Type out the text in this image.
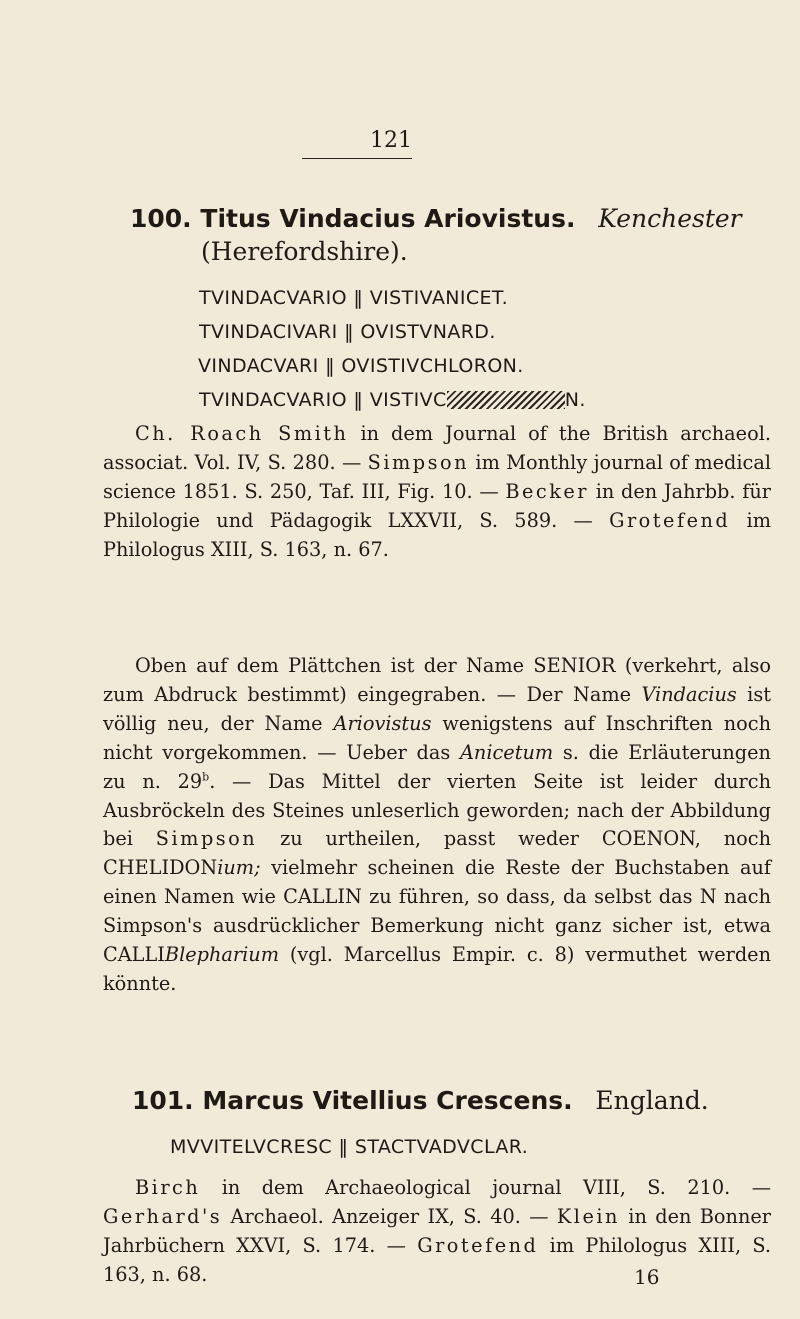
121
100. Titus Vindacius Ariovistus. Kenchester
(Herefordshire).
TVINDACVARIO ‖ VISTIVANICET.
TVINDACIVARI ‖ OVISTVNARD.
VINDACVARI ‖ OVISTIVCHLORON.
TVINDACVARIO ‖ VISTIVC	N.
Ch. Roach Smith in dem Journal of the British archaeol. associat. Vol. IV, S. 280. — Simpson im Monthly journal of medical science 1851. S. 250, Taf. III, Fig. 10. — Becker in den Jahrbb. für Philologie und Pädagogik LXXVII, S. 589. — Grotefend im Philologus XIII, S. 163, n. 67.
Oben auf dem Plättchen ist der Name SENIOR (verkehrt, also zum Abdruck bestimmt) eingegraben. — Der Name Vindacius ist völlig neu, der Name Ariovistus wenigstens auf Inschriften noch nicht vorgekommen. — Ueber das Anicetum s. die Erläuterungen zu n. 29$^b$. — Das Mittel der vierten Seite ist leider durch Ausbröckeln des Steines unleserlich geworden; nach der Abbildung bei Simpson zu urtheilen, passt weder COENON, noch CHELIDONium; vielmehr scheinen die Reste der Buchstaben auf einen Namen wie CALLIN zu führen, so dass, da selbst das N nach Simpson's ausdrücklicher Bemerkung nicht ganz sicher ist, etwa CALLIBlepharium (vgl. Marcellus Empir. c. 8) vermuthet werden könnte.
101. Marcus Vitellius Crescens. England.
MVVITELVCRESC ‖ STACTVADVCLAR.
Birch in dem Archaeological journal VIII, S. 210. — Gerhard's Archaeol. Anzeiger IX, S. 40. — Klein in den Bonner Jahrbüchern XXVI, S. 174. — Grotefend im Philologus XIII, S. 163, n. 68.	16
